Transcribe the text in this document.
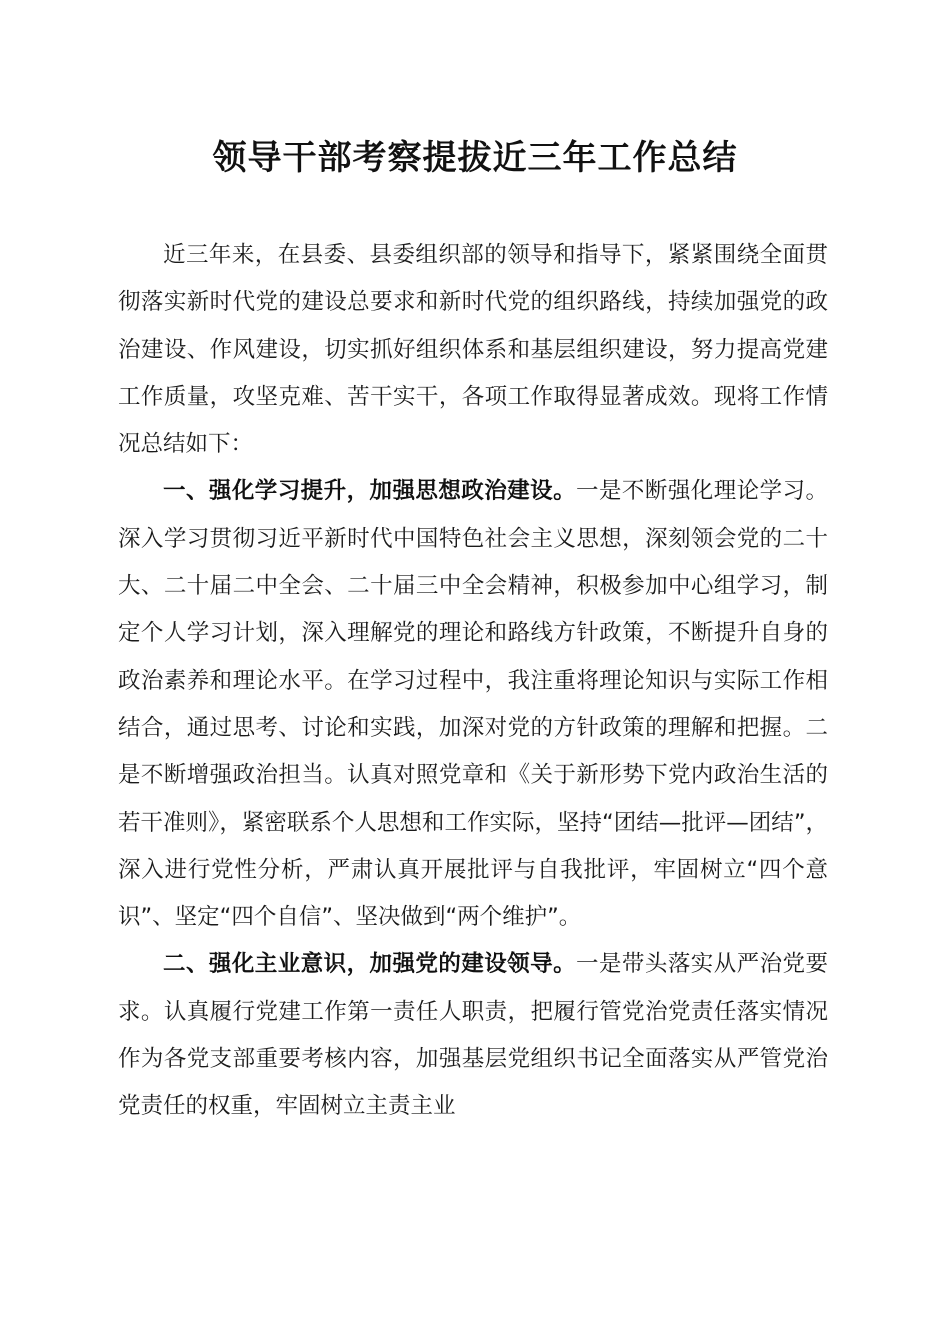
领导干部考察提拔近三年工作总结

近三年来，在县委、县委组织部的领导和指导下，紧紧围绕全面贯彻落实新时代党的建设总要求和新时代党的组织路线，持续加强党的政治建设、作风建设，切实抓好组织体系和基层组织建设，努力提高党建工作质量，攻坚克难、苦干实干，各项工作取得显著成效。现将工作情况总结如下：

一、强化学习提升，加强思想政治建设。一是不断强化理论学习。深入学习贯彻习近平新时代中国特色社会主义思想，深刻领会党的二十大、二十届二中全会、二十届三中全会精神，积极参加中心组学习，制定个人学习计划，深入理解党的理论和路线方针政策，不断提升自身的政治素养和理论水平。在学习过程中，我注重将理论知识与实际工作相结合，通过思考、讨论和实践，加深对党的方针政策的理解和把握。二是不断增强政治担当。认真对照党章和《关于新形势下党内政治生活的若干准则》，紧密联系个人思想和工作实际，坚持“团结—批评—团结”，深入进行党性分析，严肃认真开展批评与自我批评，牢固树立“四个意识”、坚定“四个自信”、坚决做到“两个维护”。

二、强化主业意识，加强党的建设领导。一是带头落实从严治党要求。认真履行党建工作第一责任人职责，把履行管党治党责任落实情况作为各党支部重要考核内容，加强基层党组织书记全面落实从严管党治党责任的权重，牢固树立主责主业
